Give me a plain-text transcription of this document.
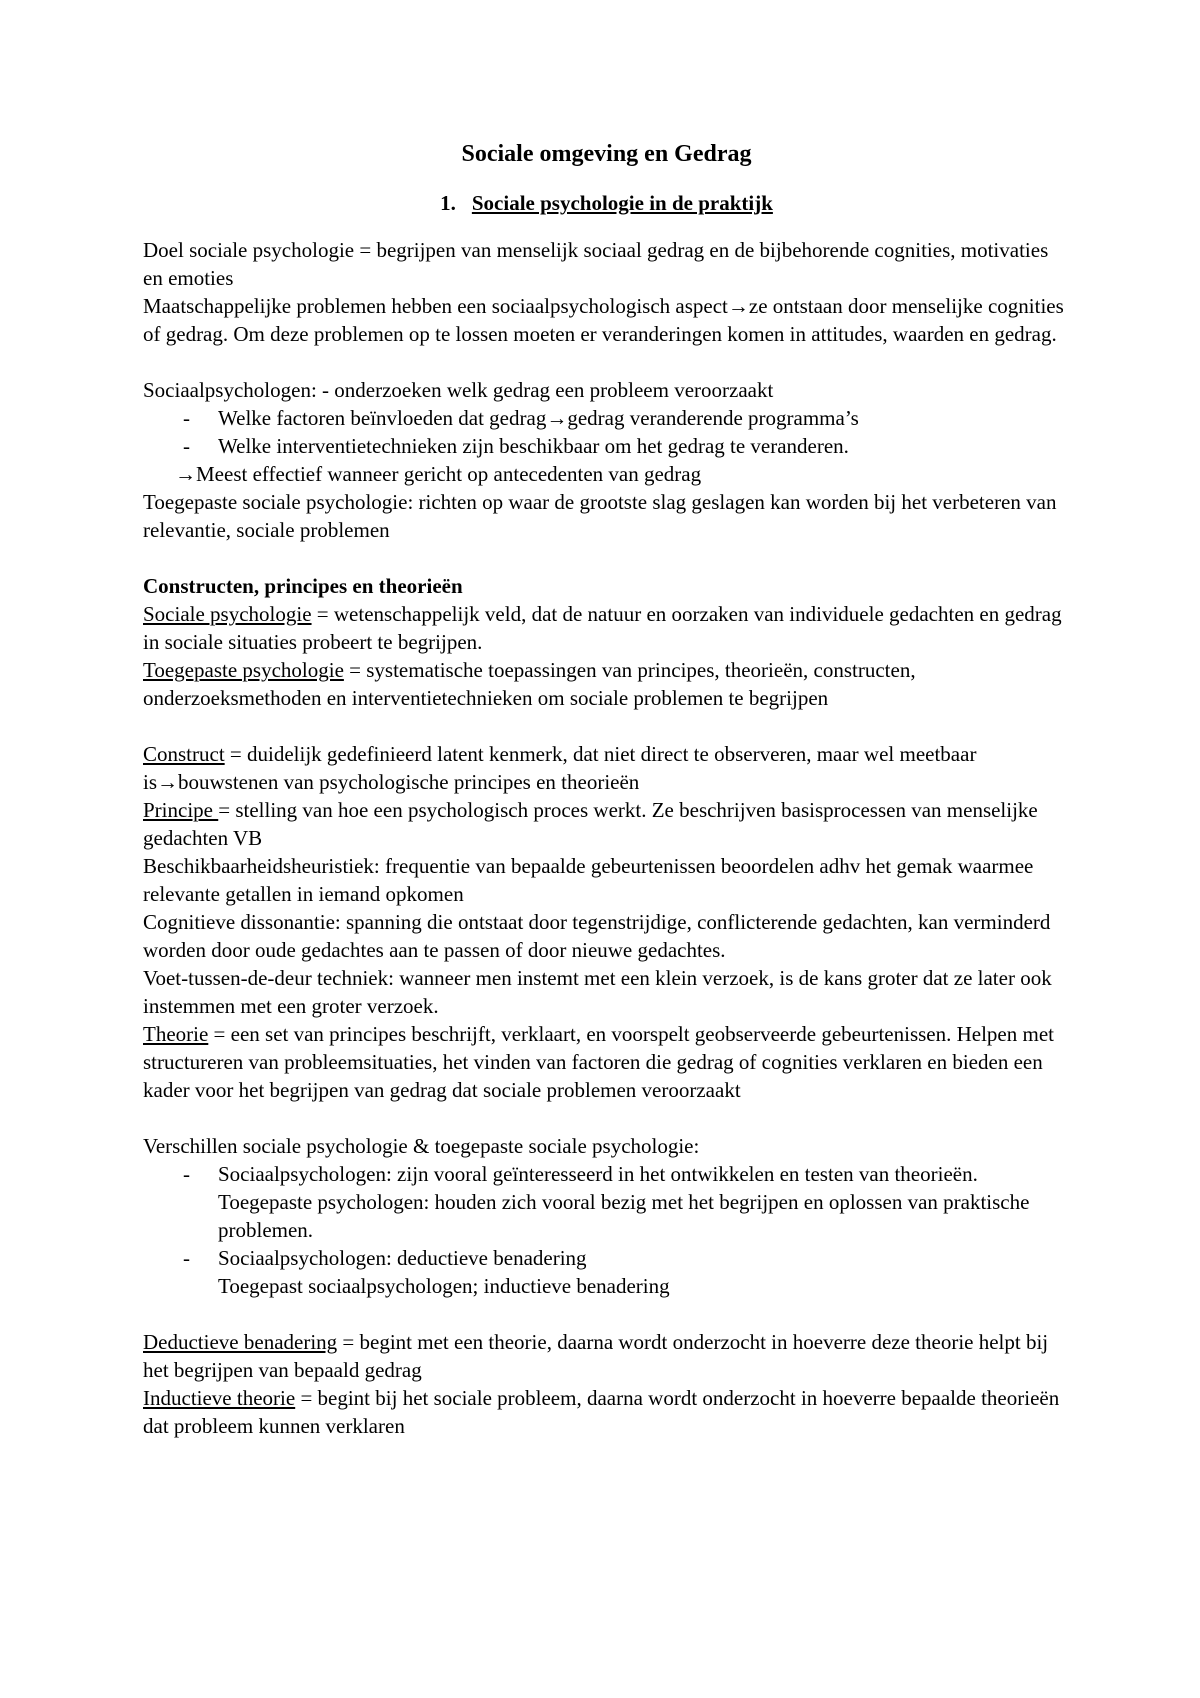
Sociale omgeving en Gedrag

1. Sociale psychologie in de praktijk

Doel sociale psychologie = begrijpen van menselijk sociaal gedrag en de bijbehorende cognities, motivaties en emoties

Maatschappelijke problemen hebben een sociaalpsychologisch aspect→ze ontstaan door menselijke cognities of gedrag. Om deze problemen op te lossen moeten er veranderingen komen in attitudes, waarden en gedrag.

Sociaalpsychologen: - onderzoeken welk gedrag een probleem veroorzaakt

- Welke factoren beïnvloeden dat gedrag→gedrag veranderende programma’s

- Welke interventietechnieken zijn beschikbaar om het gedrag te veranderen.

→Meest effectief wanneer gericht op antecedenten van gedrag

Toegepaste sociale psychologie: richten op waar de grootste slag geslagen kan worden bij het verbeteren van relevantie, sociale problemen

Constructen, principes en theorieën

Sociale psychologie = wetenschappelijk veld, dat de natuur en oorzaken van individuele gedachten en gedrag in sociale situaties probeert te begrijpen.

Toegepaste psychologie = systematische toepassingen van principes, theorieën, constructen, onderzoeksmethoden en interventietechnieken om sociale problemen te begrijpen

Construct = duidelijk gedefinieerd latent kenmerk, dat niet direct te observeren, maar wel meetbaar is→bouwstenen van psychologische principes en theorieën

Principe = stelling van hoe een psychologisch proces werkt. Ze beschrijven basisprocessen van menselijke gedachten VB

Beschikbaarheidsheuristiek: frequentie van bepaalde gebeurtenissen beoordelen adhv het gemak waarmee relevante getallen in iemand opkomen

Cognitieve dissonantie: spanning die ontstaat door tegenstrijdige, conflicterende gedachten, kan verminderd worden door oude gedachtes aan te passen of door nieuwe gedachtes.

Voet-tussen-de-deur techniek: wanneer men instemt met een klein verzoek, is de kans groter dat ze later ook instemmen met een groter verzoek.

Theorie = een set van principes beschrijft, verklaart, en voorspelt geobserveerde gebeurtenissen. Helpen met structureren van probleemsituaties, het vinden van factoren die gedrag of cognities verklaren en bieden een kader voor het begrijpen van gedrag dat sociale problemen veroorzaakt

Verschillen sociale psychologie & toegepaste sociale psychologie:

- Sociaalpsychologen: zijn vooral geïnteresseerd in het ontwikkelen en testen van theorieën.

Toegepaste psychologen: houden zich vooral bezig met het begrijpen en oplossen van praktische problemen.

- Sociaalpsychologen: deductieve benadering

Toegepast sociaalpsychologen; inductieve benadering

Deductieve benadering = begint met een theorie, daarna wordt onderzocht in hoeverre deze theorie helpt bij het begrijpen van bepaald gedrag

Inductieve theorie = begint bij het sociale probleem, daarna wordt onderzocht in hoeverre bepaalde theorieën dat probleem kunnen verklaren
